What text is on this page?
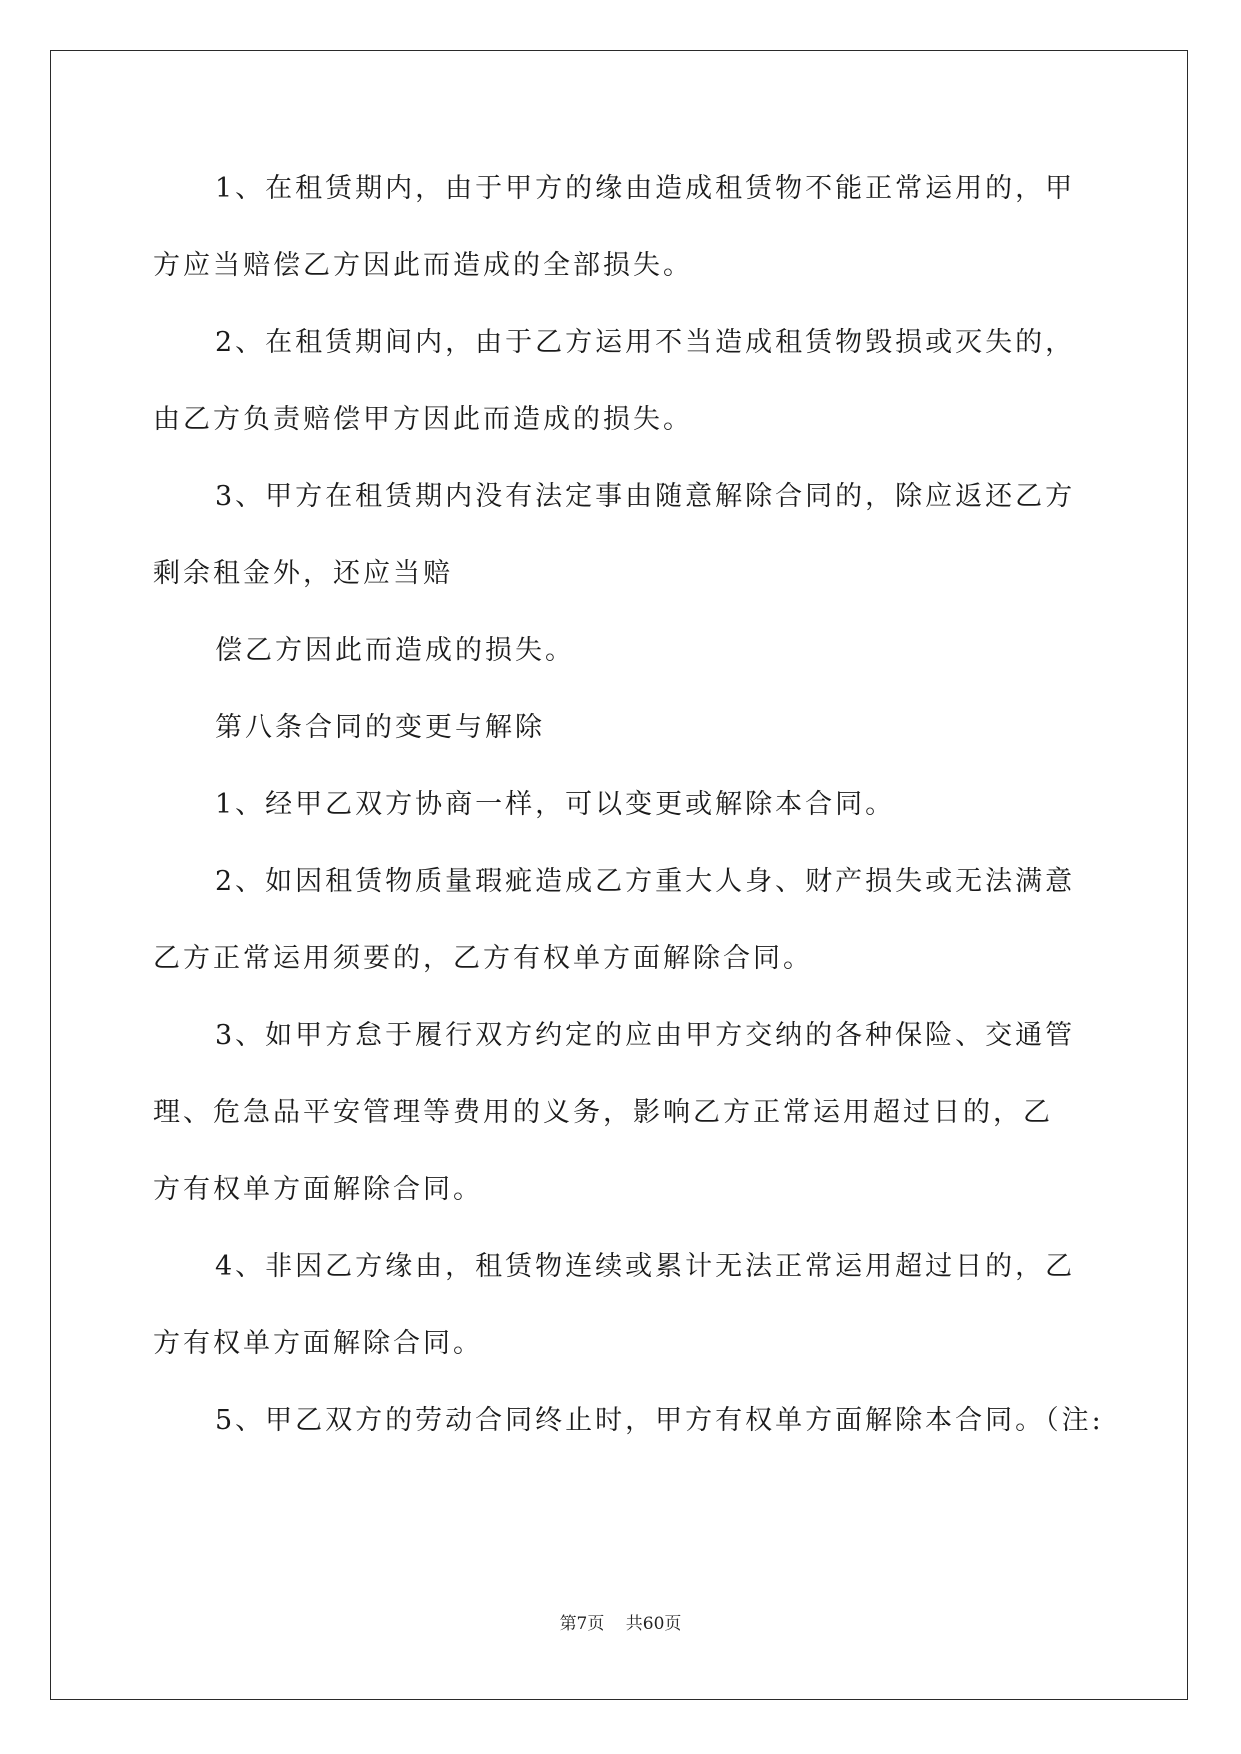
1、在租赁期内，由于甲方的缘由造成租赁物不能正常运用的，甲

方应当赔偿乙方因此而造成的全部损失。

2、在租赁期间内，由于乙方运用不当造成租赁物毁损或灭失的，

由乙方负责赔偿甲方因此而造成的损失。

3、甲方在租赁期内没有法定事由随意解除合同的，除应返还乙方

剩余租金外，还应当赔

偿乙方因此而造成的损失。

第八条合同的变更与解除

1、经甲乙双方协商一样，可以变更或解除本合同。

2、如因租赁物质量瑕疵造成乙方重大人身、财产损失或无法满意

乙方正常运用须要的，乙方有权单方面解除合同。

3、如甲方怠于履行双方约定的应由甲方交纳的各种保险、交通管

理、危急品平安管理等费用的义务，影响乙方正常运用超过日的，乙

方有权单方面解除合同。

4、非因乙方缘由，租赁物连续或累计无法正常运用超过日的，乙

方有权单方面解除合同。

5、甲乙双方的劳动合同终止时，甲方有权单方面解除本合同。（注:

第7页 共60页
